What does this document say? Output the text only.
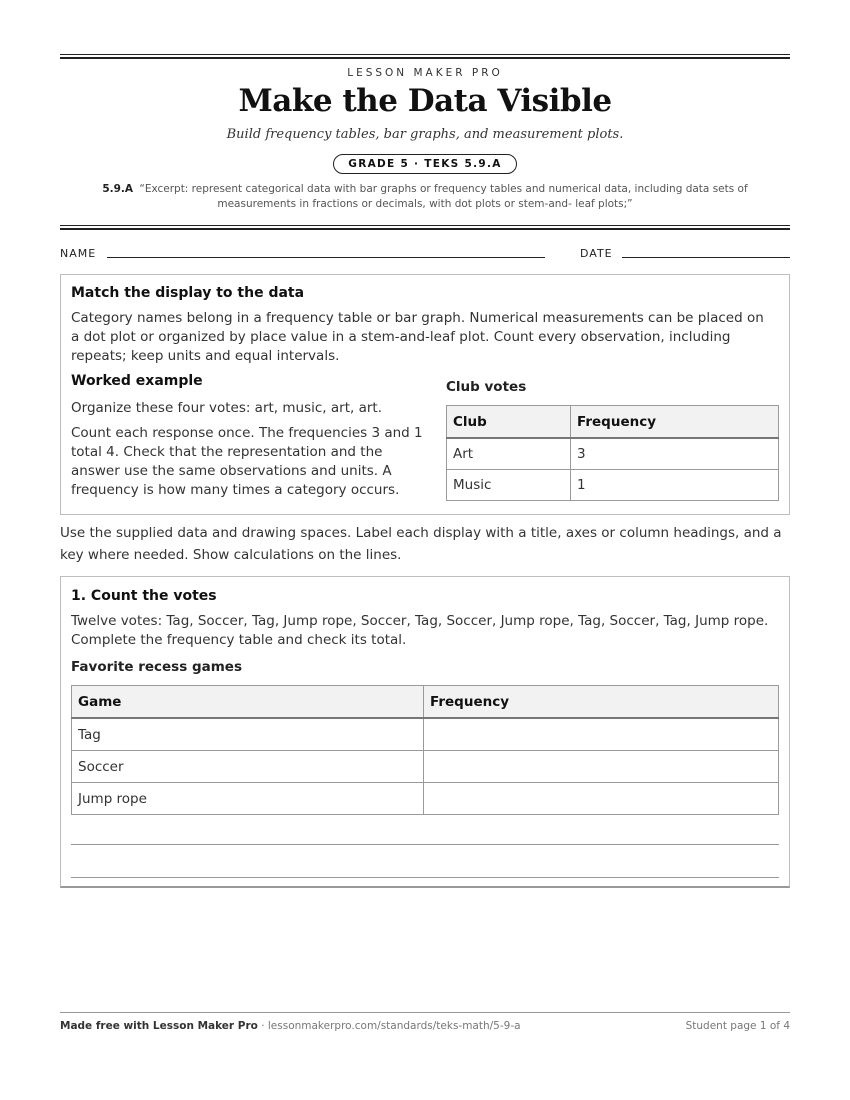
LESSON MAKER PRO
Make the Data Visible
Build frequency tables, bar graphs, and measurement plots.
GRADE 5 · TEKS 5.9.A
5.9.A “Excerpt: represent categorical data with bar graphs or frequency tables and numerical data, including data sets of measurements in fractions or decimals, with dot plots or stem-and- leaf plots;”
NAME	DATE
Match the display to the data
Category names belong in a frequency table or bar graph. Numerical measurements can be placed on a dot plot or organized by place value in a stem-and-leaf plot. Count every observation, including repeats; keep units and equal intervals.
Worked example
Organize these four votes: art, music, art, art.
Count each response once. The frequencies 3 and 1 total 4. Check that the representation and the answer use the same observations and units. A frequency is how many times a category occurs.
Club votes
Club	Frequency
Art	3
Music	1
Use the supplied data and drawing spaces. Label each display with a title, axes or column headings, and a key where needed. Show calculations on the lines.
1. Count the votes
Twelve votes: Tag, Soccer, Tag, Jump rope, Soccer, Tag, Soccer, Jump rope, Tag, Soccer, Tag, Jump rope. Complete the frequency table and check its total.
Favorite recess games
Game	Frequency
Tag	
Soccer	
Jump rope	
Made free with Lesson Maker Pro · lessonmakerpro.com/standards/teks-math/5-9-a	Student page 1 of 4
